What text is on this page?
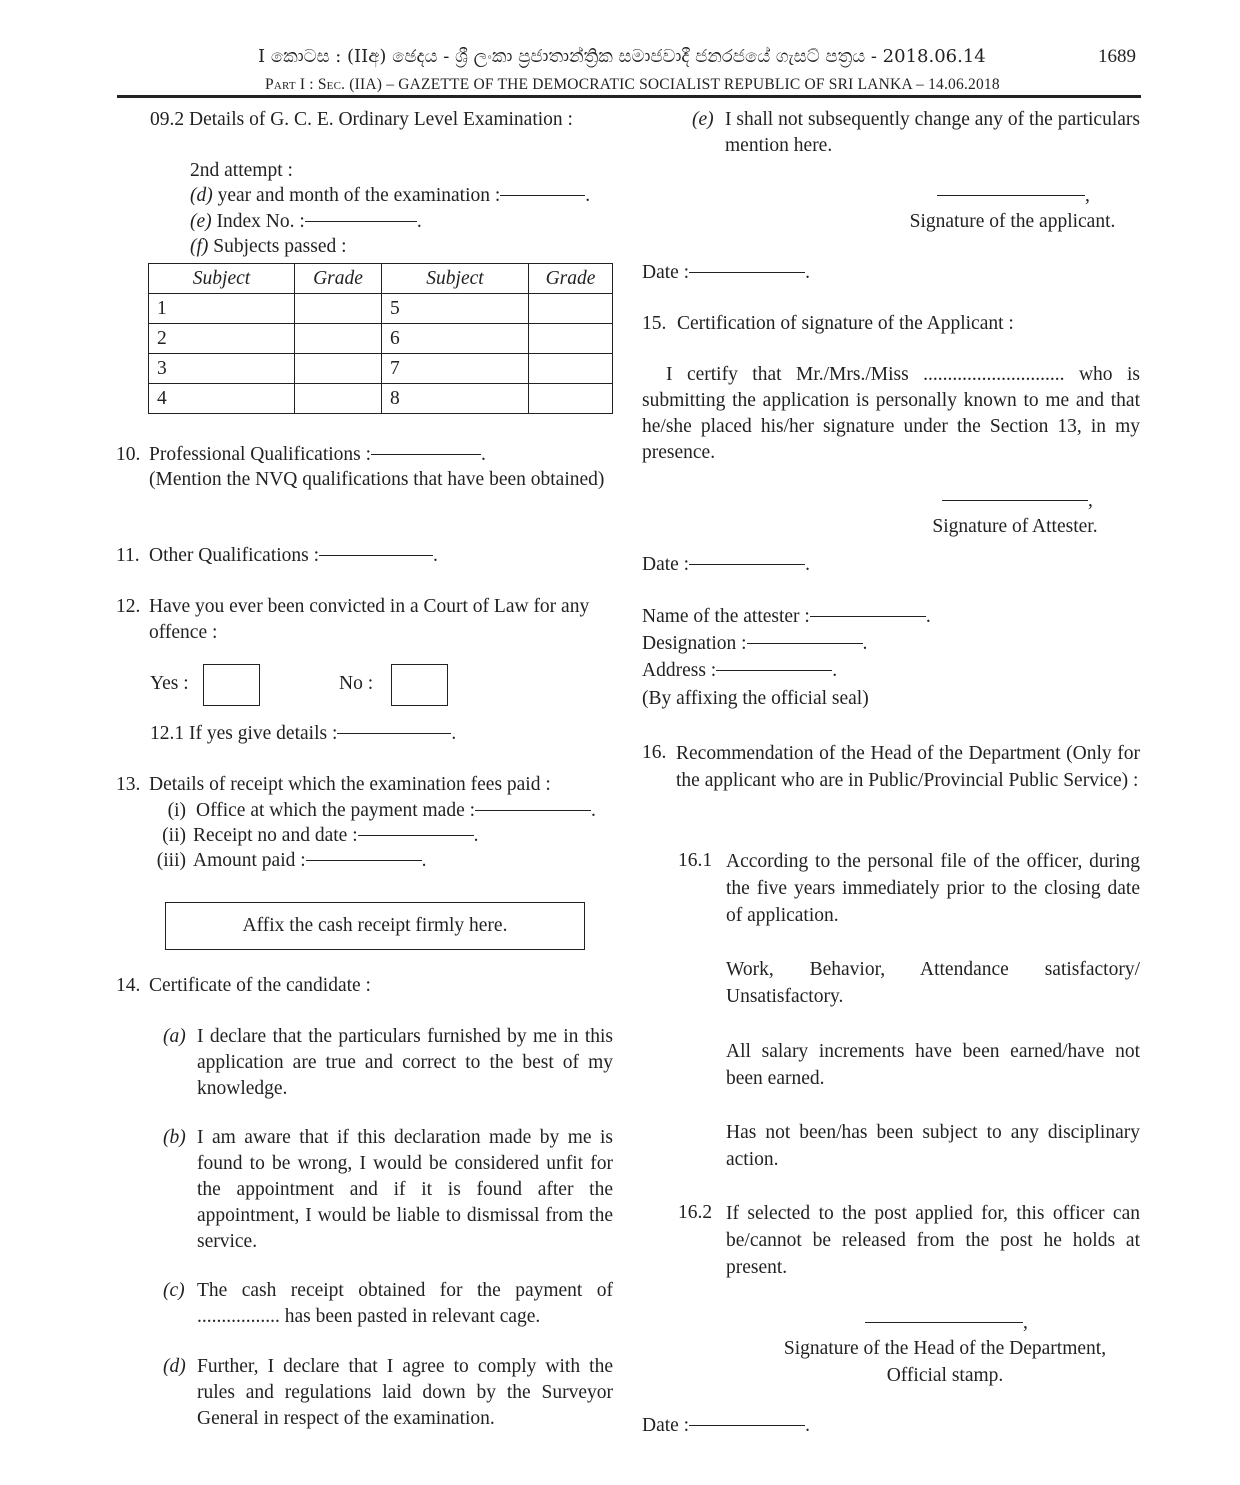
I කොටස : (IIඅ) ඡෙදය - ශ්‍රී ලංකා ප්‍රජාතාන්ත්‍රික සමාජවාදී ජනරජයේ ගැසට් පත්‍රය - 2018.06.14	1689
Part I : Sec. (IIA) – GAZETTE OF THE DEMOCRATIC SOCIALIST REPUBLIC OF SRI LANKA – 14.06.2018
09.2 Details of G. C. E. Ordinary Level Examination :
2nd attempt :
(d) year and month of the examination :	.
(e) Index No. :	.
(f) Subjects passed :
Subject	Grade	Subject	Grade
1		5	
2		6	
3		7	
4		8	
10. Professional Qualifications :	.
(Mention the NVQ qualifications that have been obtained)
11. Other Qualifications :	.
12. Have you ever been convicted in a Court of Law for any offence :
Yes :	No :
12.1 If yes give details :	.
13. Details of receipt which the examination fees paid :
(i) Office at which the payment made :	.
(ii) Receipt no and date :	.
(iii) Amount paid :	.
Affix the cash receipt firmly here.
14. Certificate of the candidate :
(a) I declare that the particulars furnished by me in this application are true and correct to the best of my knowledge.
(b) I am aware that if this declaration made by me is found to be wrong, I would be considered unfit for the appointment and if it is found after the appointment, I would be liable to dismissal from the service.
(c) The cash receipt obtained for the payment of ................. has been pasted in relevant cage.
(d) Further, I declare that I agree to comply with the rules and regulations laid down by the Surveyor General in respect of the examination.
(e) I shall not subsequently change any of the particulars mention here.
,
Signature of the applicant.
Date :	.
15. Certification of signature of the Applicant :
I certify that Mr./Mrs./Miss ............................. who is submitting the application is personally known to me and that he/she placed his/her signature under the Section 13, in my presence.
,
Signature of Attester.
Date :	.
Name of the attester :	.
Designation :	.
Address :	.
(By affixing the official seal)
16. Recommendation of the Head of the Department (Only for the applicant who are in Public/Provincial Public Service) :
16.1 According to the personal file of the officer, during the five years immediately prior to the closing date of application.
Work, Behavior, Attendance satisfactory/ Unsatisfactory.
All salary increments have been earned/have not been earned.
Has not been/has been subject to any disciplinary action.
16.2 If selected to the post applied for, this officer can be/cannot be released from the post he holds at present.
,
Signature of the Head of the Department,
Official stamp.
Date :	.
